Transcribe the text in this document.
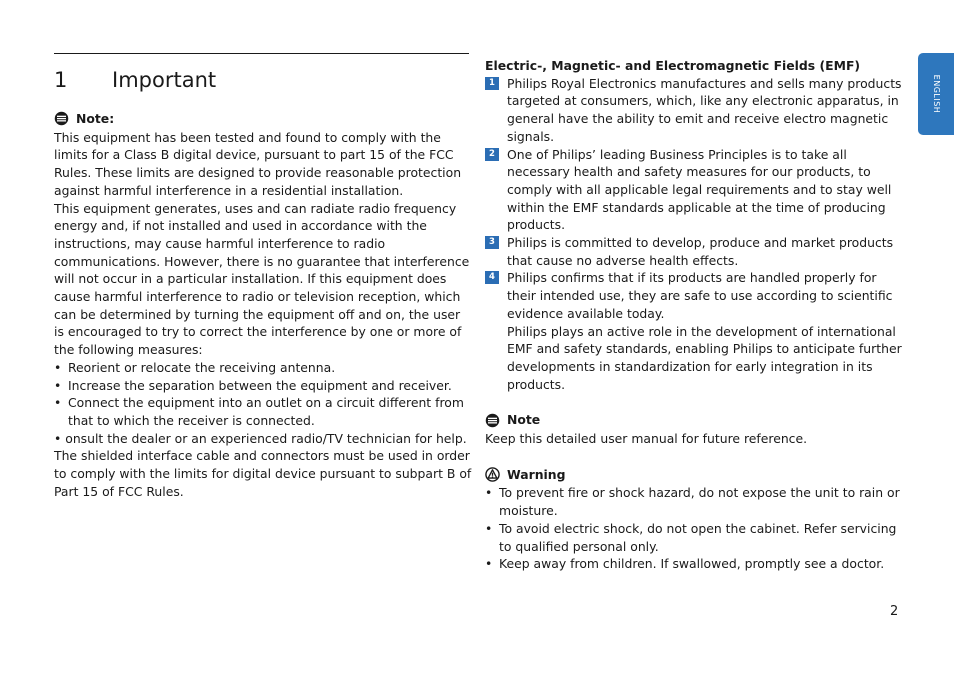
1 Important
Note:

This equipment has been tested and found to comply with the limits for a Class B digital device, pursuant to part 15 of the FCC Rules. These limits are designed to provide reasonable protection against harmful interference in a residential installation.

This equipment generates, uses and can radiate radio frequency energy and, if not installed and used in accordance with the instructions, may cause harmful interference to radio communications. However, there is no guarantee that interference will not occur in a particular installation. If this equipment does cause harmful interference to radio or television reception, which can be determined by turning the equipment off and on, the user is encouraged to try to correct the interference by one or more of the following measures:

• Reorient or relocate the receiving antenna.
• Increase the separation between the equipment and receiver.
• Connect the equipment into an outlet on a circuit different from that to which the receiver is connected.

• onsult the dealer or an experienced radio/TV technician for help.

The shielded interface cable and connectors must be used in order to comply with the limits for digital device pursuant to subpart B of Part 15 of FCC Rules.

Electric-, Magnetic- and Electromagnetic Fields (EMF)

1 Philips Royal Electronics manufactures and sells many products targeted at consumers, which, like any electronic apparatus, in general have the ability to emit and receive electro magnetic signals.
2 One of Philips’ leading Business Principles is to take all necessary health and safety measures for our products, to comply with all applicable legal requirements and to stay well within the EMF standards applicable at the time of producing products.
3 Philips is committed to develop, produce and market products that cause no adverse health effects.
4 Philips confirms that if its products are handled properly for their intended use, they are safe to use according to scientific evidence available today.
Philips plays an active role in the development of international EMF and safety standards, enabling Philips to anticipate further developments in standardization for early integration in its products.
Note

Keep this detailed user manual for future reference.

Warning
• To prevent fire or shock hazard, do not expose the unit to rain or moisture.
• To avoid electric shock, do not open the cabinet. Refer servicing to qualified personal only.
• Keep away from children. If swallowed, promptly see a doctor.
ENGLISH
2
